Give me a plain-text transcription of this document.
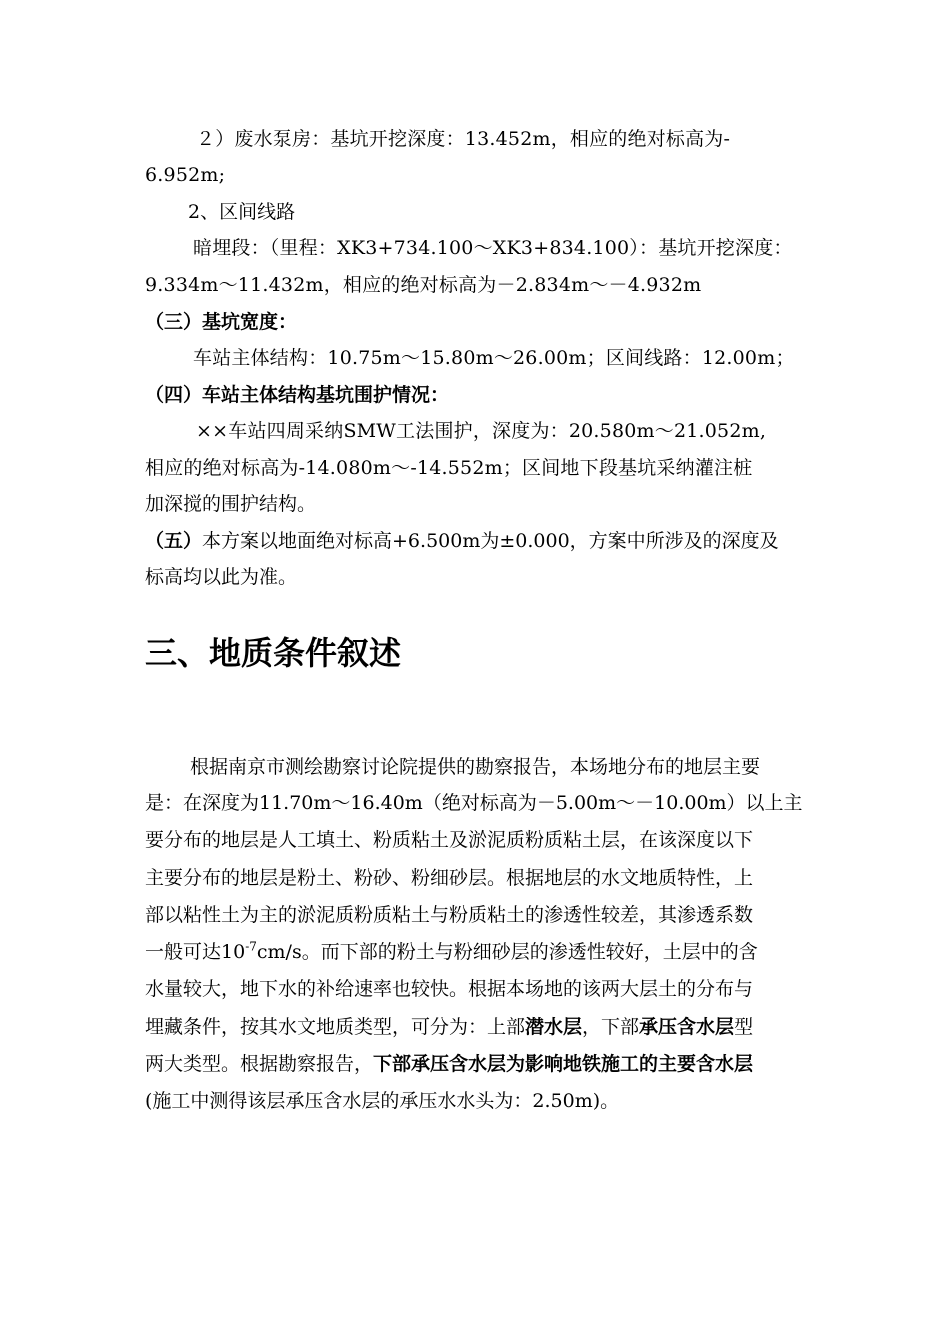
２）废水泵房：基坑开挖深度：13.452m，相应的绝对标高为-
6.952m;
2、区间线路
暗埋段：（里程：XK3+734.100～XK3+834.100）：基坑开挖深度：
9.334m～11.432m，相应的绝对标高为－2.834m～－4.932m
（三）基坑宽度：
车站主体结构：10.75m～15.80m～26.00m；区间线路：12.00m；
（四）车站主体结构基坑围护情况：
××车站四周采纳SMW工法围护，深度为：20.580m～21.052m,
相应的绝对标高为-14.080m～-14.552m；区间地下段基坑采纳灌注桩
加深搅的围护结构。
（五）本方案以地面绝对标高+6.500m为±0.000，方案中所涉及的深度及
标高均以此为准。
三、地质条件叙述
根据南京市测绘勘察讨论院提供的勘察报告，本场地分布的地层主要
是：在深度为11.70m～16.40m（绝对标高为－5.00m～－10.00m）以上主
要分布的地层是人工填土、粉质粘土及淤泥质粉质粘土层，在该深度以下
主要分布的地层是粉土、粉砂、粉细砂层。根据地层的水文地质特性，上
部以粘性土为主的淤泥质粉质粘土与粉质粘土的渗透性较差，其渗透系数
一般可达$10^{-7}cm/s$。而下部的粉土与粉细砂层的渗透性较好，土层中的含
水量较大，地下水的补给速率也较快。根据本场地的该两大层土的分布与
埋藏条件，按其水文地质类型，可分为：上部潜水层，下部承压含水层型
两大类型。根据勘察报告，下部承压含水层为影响地铁施工的主要含水层
(施工中测得该层承压含水层的承压水水头为：2.50m)。
